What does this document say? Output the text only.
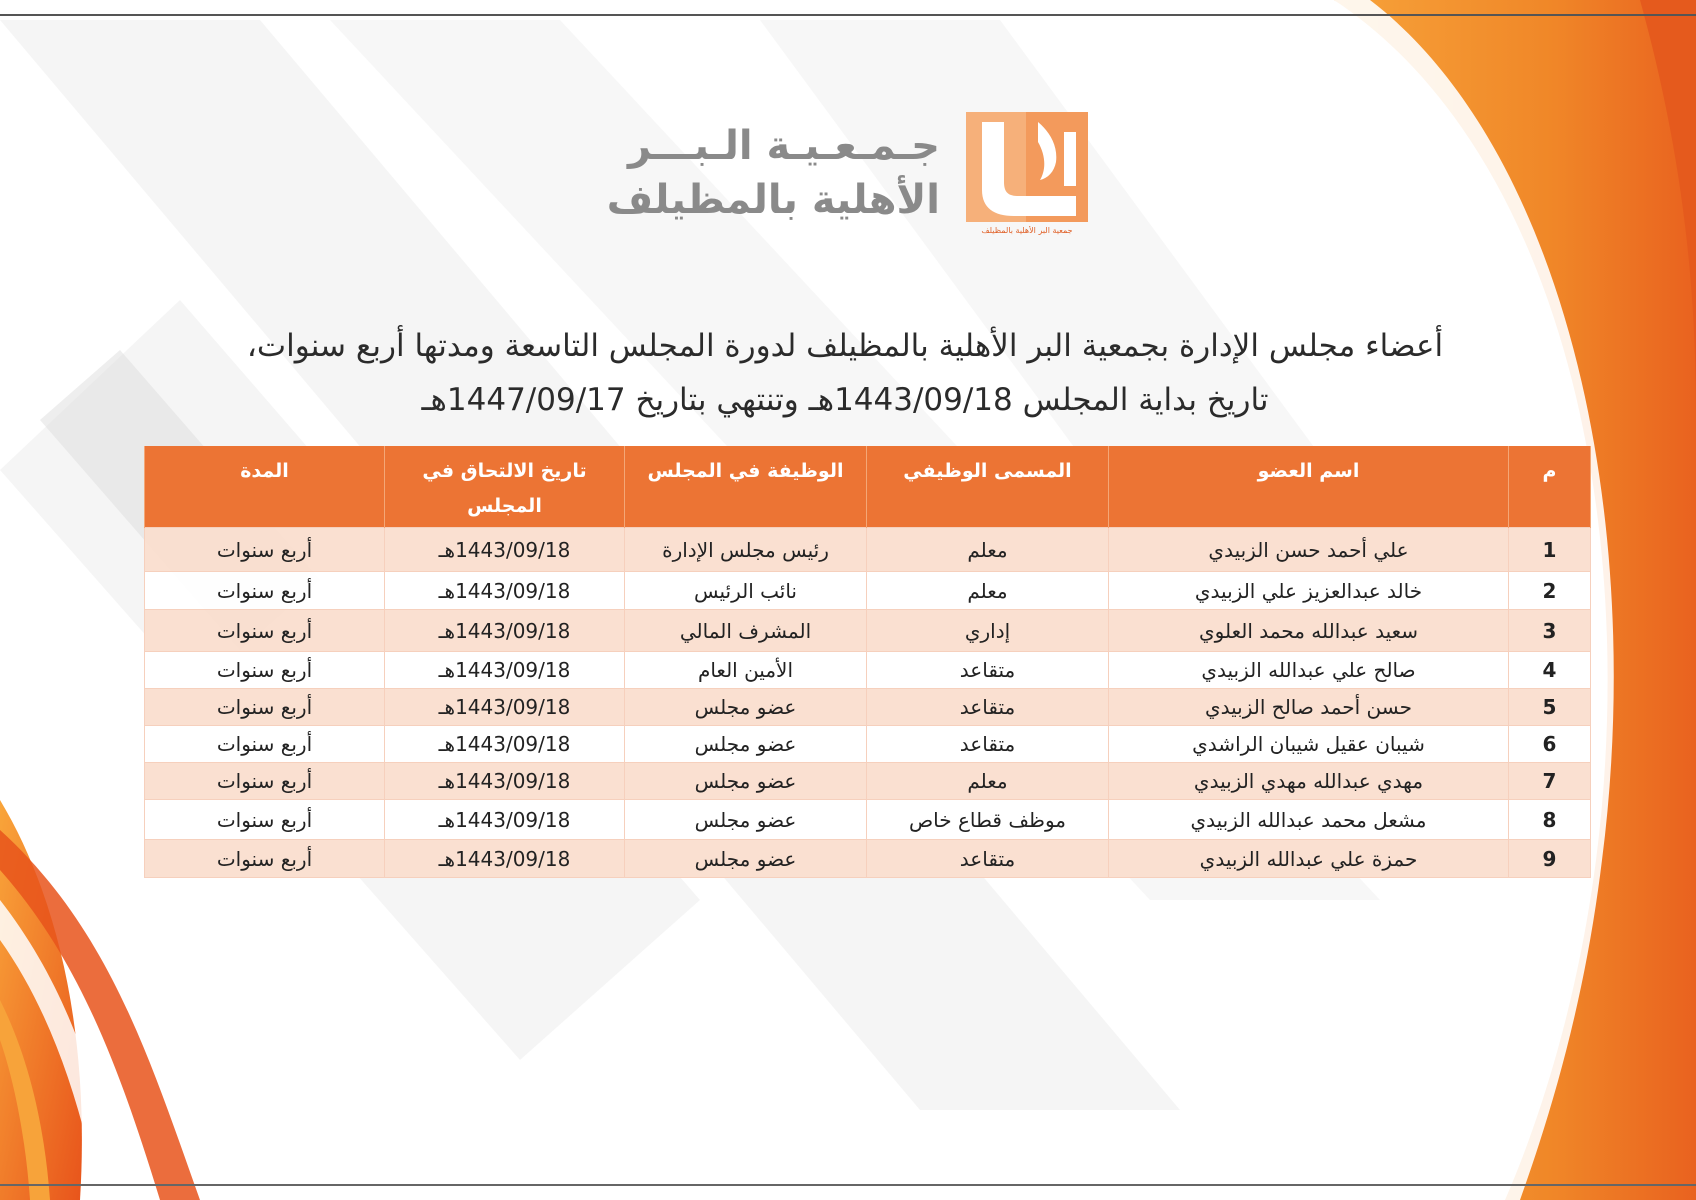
جـمـعـيـة الـبـــر
الأهلية بالمظيلف
جمعية البر الأهلية بالمظيلف
أعضاء مجلس الإدارة بجمعية البر الأهلية بالمظيلف لدورة المجلس التاسعة ومدتها أربع سنوات،
تاريخ بداية المجلس 1443/09/18هـ وتنتهي بتاريخ 1447/09/17هـ
م	اسم العضو	المسمى الوظيفي	الوظيفة في المجلس	تاريخ الالتحاق في المجلس	المدة
1	علي أحمد حسن الزبيدي	معلم	رئيس مجلس الإدارة	1443/09/18هـ	أربع سنوات
2	خالد عبدالعزيز علي الزبيدي	معلم	نائب الرئيس	1443/09/18هـ	أربع سنوات
3	سعيد عبدالله محمد العلوي	إداري	المشرف المالي	1443/09/18هـ	أربع سنوات
4	صالح علي عبدالله الزبيدي	متقاعد	الأمين العام	1443/09/18هـ	أربع سنوات
5	حسن أحمد صالح الزبيدي	متقاعد	عضو مجلس	1443/09/18هـ	أربع سنوات
6	شيبان عقيل شيبان الراشدي	متقاعد	عضو مجلس	1443/09/18هـ	أربع سنوات
7	مهدي عبدالله مهدي الزبيدي	معلم	عضو مجلس	1443/09/18هـ	أربع سنوات
8	مشعل محمد عبدالله الزبيدي	موظف قطاع خاص	عضو مجلس	1443/09/18هـ	أربع سنوات
9	حمزة علي عبدالله الزبيدي	متقاعد	عضو مجلس	1443/09/18هـ	أربع سنوات
